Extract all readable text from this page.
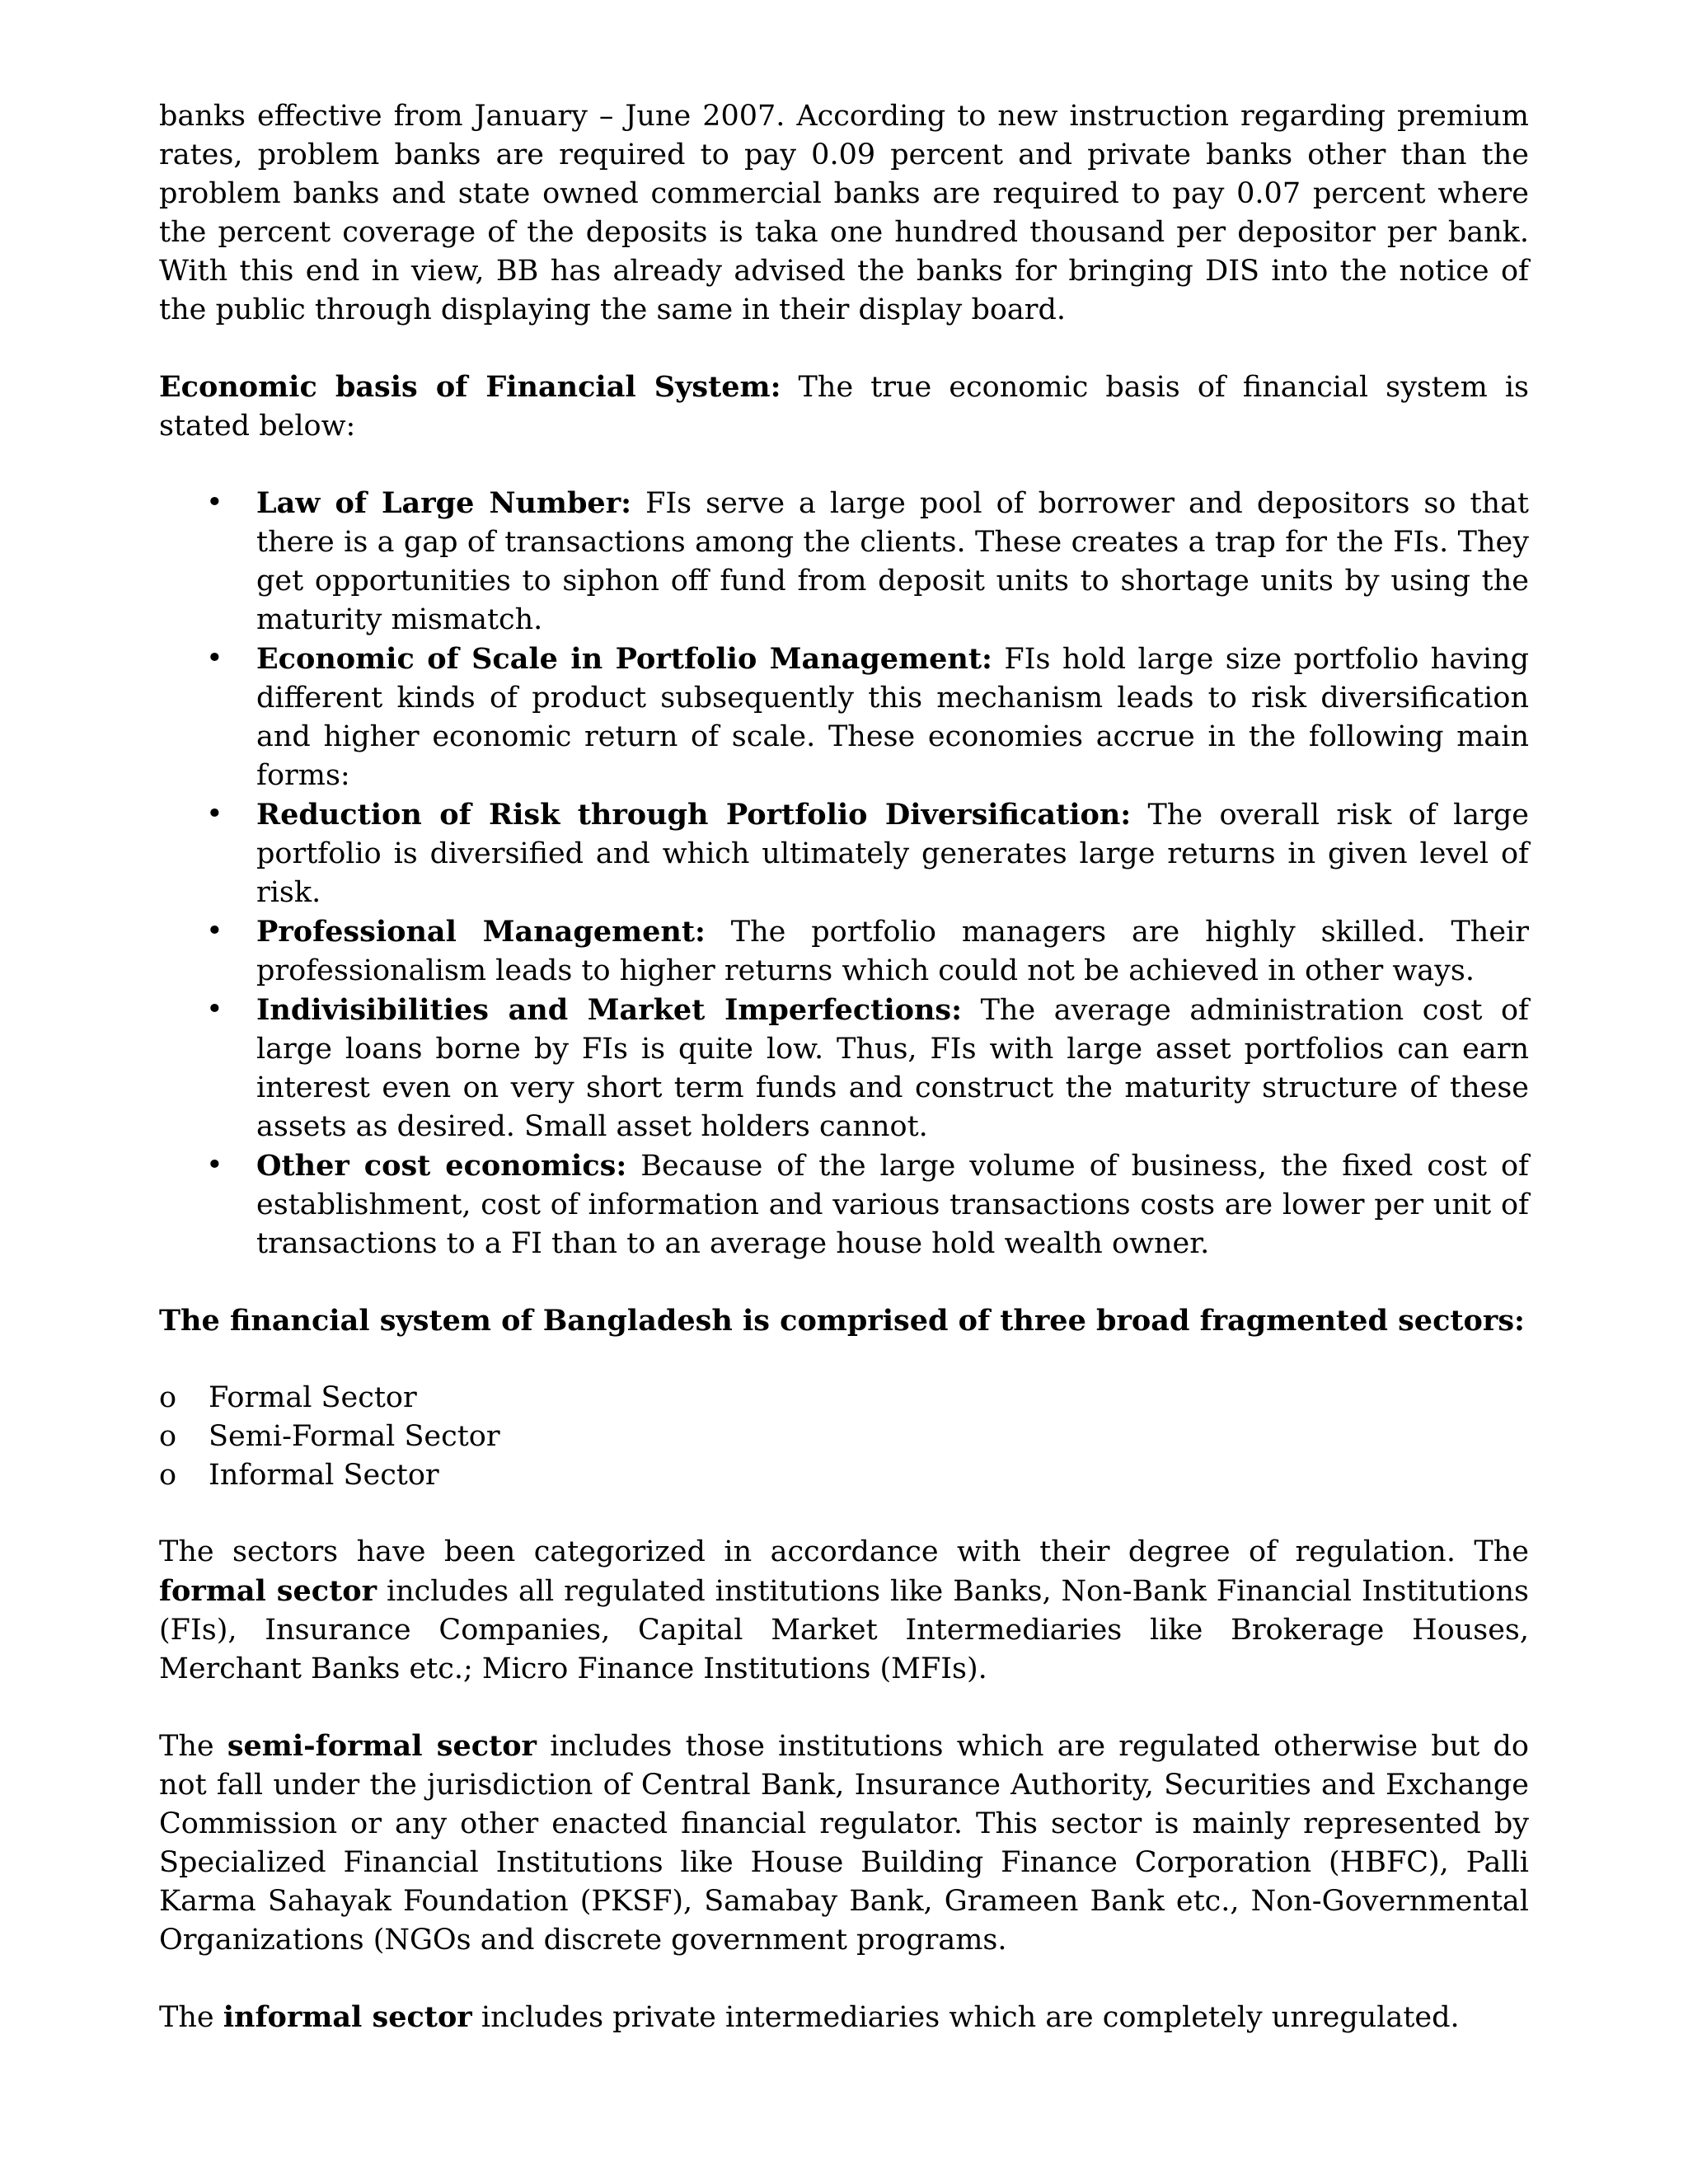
banks effective from January – June 2007. According to new instruction regarding premium rates, problem banks are required to pay 0.09 percent and private banks other than the problem banks and state owned commercial banks are required to pay 0.07 percent where the percent coverage of the deposits is taka one hundred thousand per depositor per bank. With this end in view, BB has already advised the banks for bringing DIS into the notice of the public through displaying the same in their display board.

Economic basis of Financial System: The true economic basis of financial system is stated below:

• Law of Large Number: FIs serve a large pool of borrower and depositors so that there is a gap of transactions among the clients. These creates a trap for the FIs. They get opportunities to siphon off fund from deposit units to shortage units by using the maturity mismatch.
• Economic of Scale in Portfolio Management: FIs hold large size portfolio having different kinds of product subsequently this mechanism leads to risk diversification and higher economic return of scale. These economies accrue in the following main forms:
• Reduction of Risk through Portfolio Diversification: The overall risk of large portfolio is diversified and which ultimately generates large returns in given level of risk.
• Professional Management: The portfolio managers are highly skilled. Their professionalism leads to higher returns which could not be achieved in other ways.
• Indivisibilities and Market Imperfections: The average administration cost of large loans borne by FIs is quite low. Thus, FIs with large asset portfolios can earn interest even on very short term funds and construct the maturity structure of these assets as desired. Small asset holders cannot.
• Other cost economics: Because of the large volume of business, the fixed cost of establishment, cost of information and various transactions costs are lower per unit of transactions to a FI than to an average house hold wealth owner.

The financial system of Bangladesh is comprised of three broad fragmented sectors:

o Formal Sector
o Semi-Formal Sector
o Informal Sector

The sectors have been categorized in accordance with their degree of regulation. The formal sector includes all regulated institutions like Banks, Non-Bank Financial Institutions (FIs), Insurance Companies, Capital Market Intermediaries like Brokerage Houses, Merchant Banks etc.; Micro Finance Institutions (MFIs).

The semi-formal sector includes those institutions which are regulated otherwise but do not fall under the jurisdiction of Central Bank, Insurance Authority, Securities and Exchange Commission or any other enacted financial regulator. This sector is mainly represented by Specialized Financial Institutions like House Building Finance Corporation (HBFC), Palli Karma Sahayak Foundation (PKSF), Samabay Bank, Grameen Bank etc., Non-Governmental Organizations (NGOs and discrete government programs.

The informal sector includes private intermediaries which are completely unregulated.
